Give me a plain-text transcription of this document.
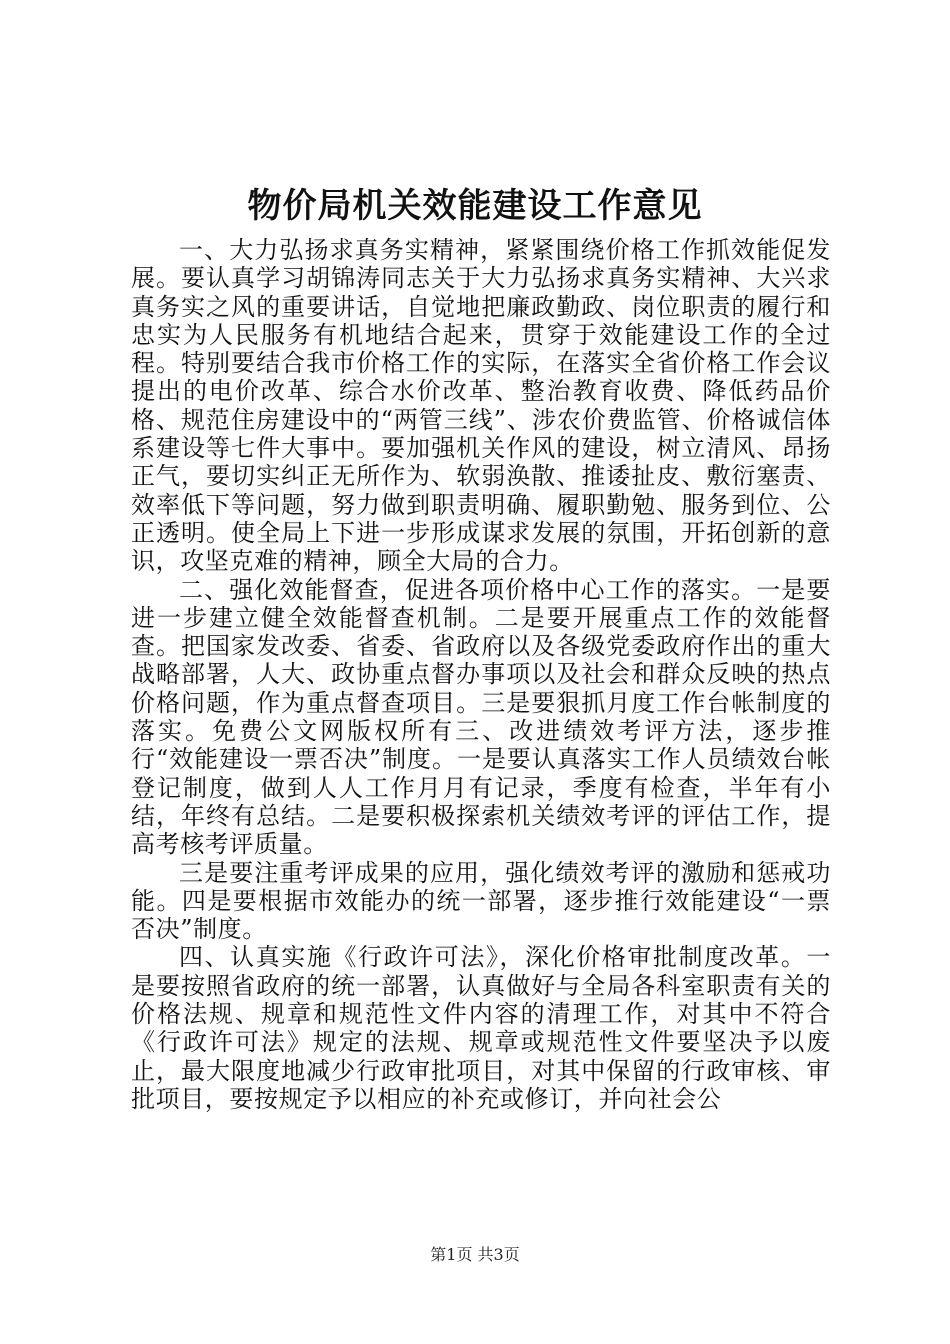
物价局机关效能建设工作意见

一、大力弘扬求真务实精神，紧紧围绕价格工作抓效能促发展。要认真学习胡锦涛同志关于大力弘扬求真务实精神、大兴求真务实之风的重要讲话，自觉地把廉政勤政、岗位职责的履行和忠实为人民服务有机地结合起来，贯穿于效能建设工作的全过程。特别要结合我市价格工作的实际，在落实全省价格工作会议提出的电价改革、综合水价改革、整治教育收费、降低药品价格、规范住房建设中的“两管三线”、涉农价费监管、价格诚信体系建设等七件大事中。要加强机关作风的建设，树立清风、昂扬正气，要切实纠正无所作为、软弱涣散、推诿扯皮、敷衍塞责、效率低下等问题，努力做到职责明确、履职勤勉、服务到位、公正透明。使全局上下进一步形成谋求发展的氛围，开拓创新的意识，攻坚克难的精神，顾全大局的合力。

二、强化效能督查，促进各项价格中心工作的落实。一是要进一步建立健全效能督查机制。二是要开展重点工作的效能督查。把国家发改委、省委、省政府以及各级党委政府作出的重大战略部署，人大、政协重点督办事项以及社会和群众反映的热点价格问题，作为重点督查项目。三是要狠抓月度工作台帐制度的落实。免费公文网版权所有三、改进绩效考评方法，逐步推行“效能建设一票否决”制度。一是要认真落实工作人员绩效台帐登记制度，做到人人工作月月有记录，季度有检查，半年有小结，年终有总结。二是要积极探索机关绩效考评的评估工作，提高考核考评质量。

三是要注重考评成果的应用，强化绩效考评的激励和惩戒功能。四是要根据市效能办的统一部署，逐步推行效能建设“一票否决”制度。

四、认真实施《行政许可法》，深化价格审批制度改革。一是要按照省政府的统一部署，认真做好与全局各科室职责有关的价格法规、规章和规范性文件内容的清理工作，对其中不符合《行政许可法》规定的法规、规章或规范性文件要坚决予以废止，最大限度地减少行政审批项目，对其中保留的行政审核、审批项目，要按规定予以相应的补充或修订，并向社会公

第1页 共3页
